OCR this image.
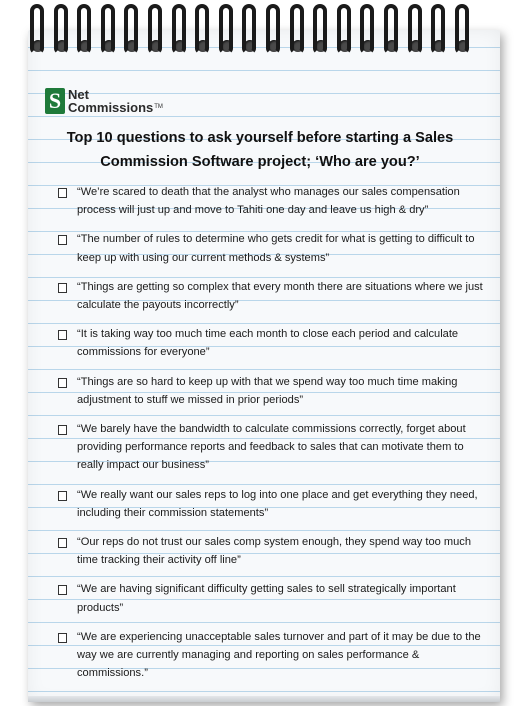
S Net
Commissions™
Top 10 questions to ask yourself before starting a Sales
Commission Software project; ‘Who are you?’
“We’re scared to death that the analyst who manages our sales compensation process will just up and move to Tahiti one day and leave us high & dry”
“The number of rules to determine who gets credit for what is getting to difficult to keep up with using our current methods & systems”
“Things are getting so complex that every month there are situations where we just calculate the payouts incorrectly”
“It is taking way too much time each month to close each period and calculate commissions for everyone”
“Things are so hard to keep up with that we spend way too much time making adjustment to stuff we missed in prior periods”
“We barely have the bandwidth to calculate commissions correctly, forget about providing performance reports and feedback to sales that can motivate them to really impact our business”
“We really want our sales reps to log into one place and get everything they need, including their commission statements”
“Our reps do not trust our sales comp system enough, they spend way too much time tracking their activity off line”
“We are having significant difficulty getting sales to sell strategically important products”
“We are experiencing unacceptable sales turnover and part of it may be due to the way we are currently managing and reporting on sales performance & commissions.”
